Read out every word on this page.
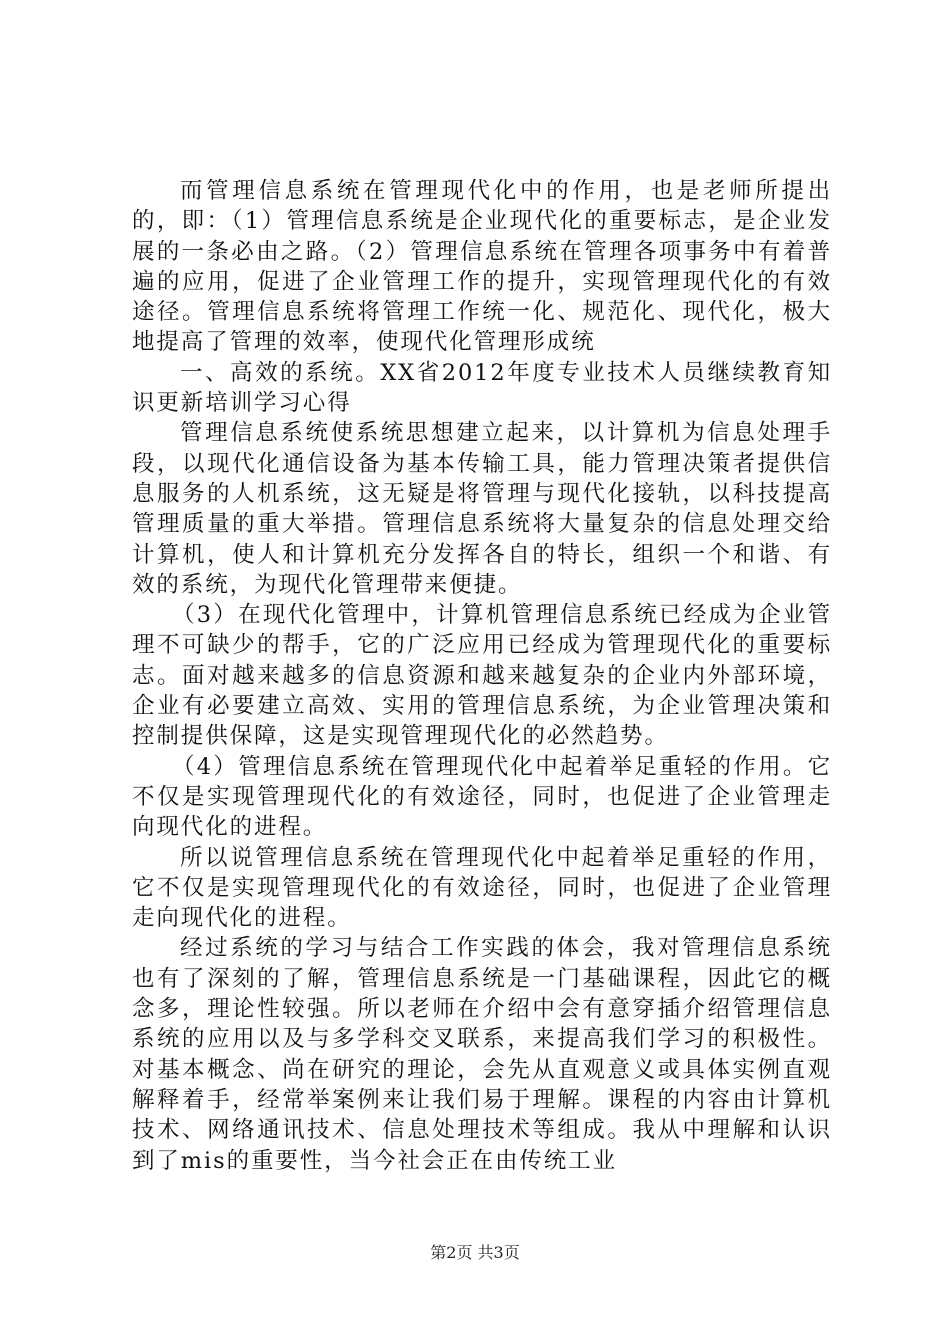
而管理信息系统在管理现代化中的作用，也是老师所提出的，即：（1）管理信息系统是企业现代化的重要标志，是企业发展的一条必由之路。（2）管理信息系统在管理各项事务中有着普遍的应用，促进了企业管理工作的提升，实现管理现代化的有效途径。管理信息系统将管理工作统一化、规范化、现代化，极大地提高了管理的效率，使现代化管理形成统

一、高效的系统。XX省2012年度专业技术人员继续教育知识更新培训学习心得

管理信息系统使系统思想建立起来，以计算机为信息处理手段，以现代化通信设备为基本传输工具，能力管理决策者提供信息服务的人机系统，这无疑是将管理与现代化接轨，以科技提高管理质量的重大举措。管理信息系统将大量复杂的信息处理交给计算机，使人和计算机充分发挥各自的特长，组织一个和谐、有效的系统，为现代化管理带来便捷。

（3）在现代化管理中，计算机管理信息系统已经成为企业管理不可缺少的帮手，它的广泛应用已经成为管理现代化的重要标志。面对越来越多的信息资源和越来越复杂的企业内外部环境，企业有必要建立高效、实用的管理信息系统，为企业管理决策和控制提供保障，这是实现管理现代化的必然趋势。

（4）管理信息系统在管理现代化中起着举足重轻的作用。它不仅是实现管理现代化的有效途径，同时，也促进了企业管理走向现代化的进程。

所以说管理信息系统在管理现代化中起着举足重轻的作用，它不仅是实现管理现代化的有效途径，同时，也促进了企业管理走向现代化的进程。

经过系统的学习与结合工作实践的体会，我对管理信息系统也有了深刻的了解，管理信息系统是一门基础课程，因此它的概念多，理论性较强。所以老师在介绍中会有意穿插介绍管理信息系统的应用以及与多学科交叉联系，来提高我们学习的积极性。对基本概念、尚在研究的理论，会先从直观意义或具体实例直观解释着手，经常举案例来让我们易于理解。课程的内容由计算机技术、网络通讯技术、信息处理技术等组成。我从中理解和认识到了mis的重要性，当今社会正在由传统工业

第2页 共3页
